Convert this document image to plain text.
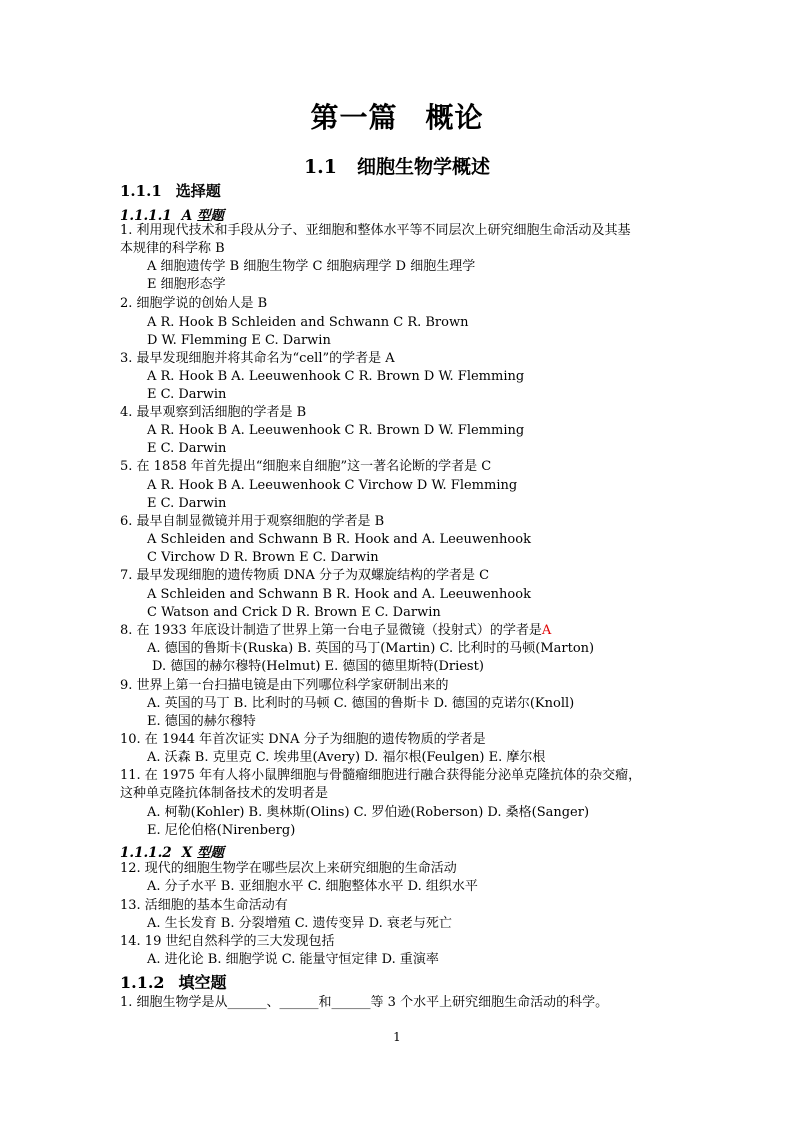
第一篇 概论
1.1 细胞生物学概述
1.1.1 选择题
1.1.1.1 A 型题
1. 利用现代技术和手段从分子、亚细胞和整体水平等不同层次上研究细胞生命活动及其基
本规律的科学称 B
A 细胞遗传学 B 细胞生物学 C 细胞病理学 D 细胞生理学
E 细胞形态学
2. 细胞学说的创始人是 B
A R. Hook B Schleiden and Schwann C R. Brown
D W. Flemming E C. Darwin
3. 最早发现细胞并将其命名为“cell”的学者是 A
A R. Hook B A. Leeuwenhook C R. Brown D W. Flemming
E C. Darwin
4. 最早观察到活细胞的学者是 B
A R. Hook B A. Leeuwenhook C R. Brown D W. Flemming
E C. Darwin
5. 在 1858 年首先提出“细胞来自细胞”这一著名论断的学者是 C
A R. Hook B A. Leeuwenhook C Virchow D W. Flemming
E C. Darwin
6. 最早自制显微镜并用于观察细胞的学者是 B
A Schleiden and Schwann B R. Hook and A. Leeuwenhook
C Virchow D R. Brown E C. Darwin
7. 最早发现细胞的遗传物质 DNA 分子为双螺旋结构的学者是 C
A Schleiden and Schwann B R. Hook and A. Leeuwenhook
C Watson and Crick D R. Brown E C. Darwin
8. 在 1933 年底设计制造了世界上第一台电子显微镜（投射式）的学者是A
A. 德国的鲁斯卡(Ruska) B. 英国的马丁(Martin) C. 比利时的马顿(Marton)
D. 德国的赫尔穆特(Helmut) E. 德国的德里斯特(Driest)
9. 世界上第一台扫描电镜是由下列哪位科学家研制出来的
A. 英国的马丁 B. 比利时的马顿 C. 德国的鲁斯卡 D. 德国的克诺尔(Knoll)
E. 德国的赫尔穆特
10. 在 1944 年首次证实 DNA 分子为细胞的遗传物质的学者是
A. 沃森 B. 克里克 C. 埃弗里(Avery) D. 福尔根(Feulgen) E. 摩尔根
11. 在 1975 年有人将小鼠脾细胞与骨髓瘤细胞进行融合获得能分泌单克隆抗体的杂交瘤，
这种单克隆抗体制备技术的发明者是
A. 柯勒(Kohler) B. 奥林斯(Olins) C. 罗伯逊(Roberson) D. 桑格(Sanger)
E. 尼伦伯格(Nirenberg)
1.1.1.2 X 型题
12. 现代的细胞生物学在哪些层次上来研究细胞的生命活动
A. 分子水平 B. 亚细胞水平 C. 细胞整体水平 D. 组织水平
13. 活细胞的基本生命活动有
A. 生长发育 B. 分裂增殖 C. 遗传变异 D. 衰老与死亡
14. 19 世纪自然科学的三大发现包括
A. 进化论 B. 细胞学说 C. 能量守恒定律 D. 重演率
1.1.2 填空题
1. 细胞生物学是从______、______和______等 3 个水平上研究细胞生命活动的科学。
1
